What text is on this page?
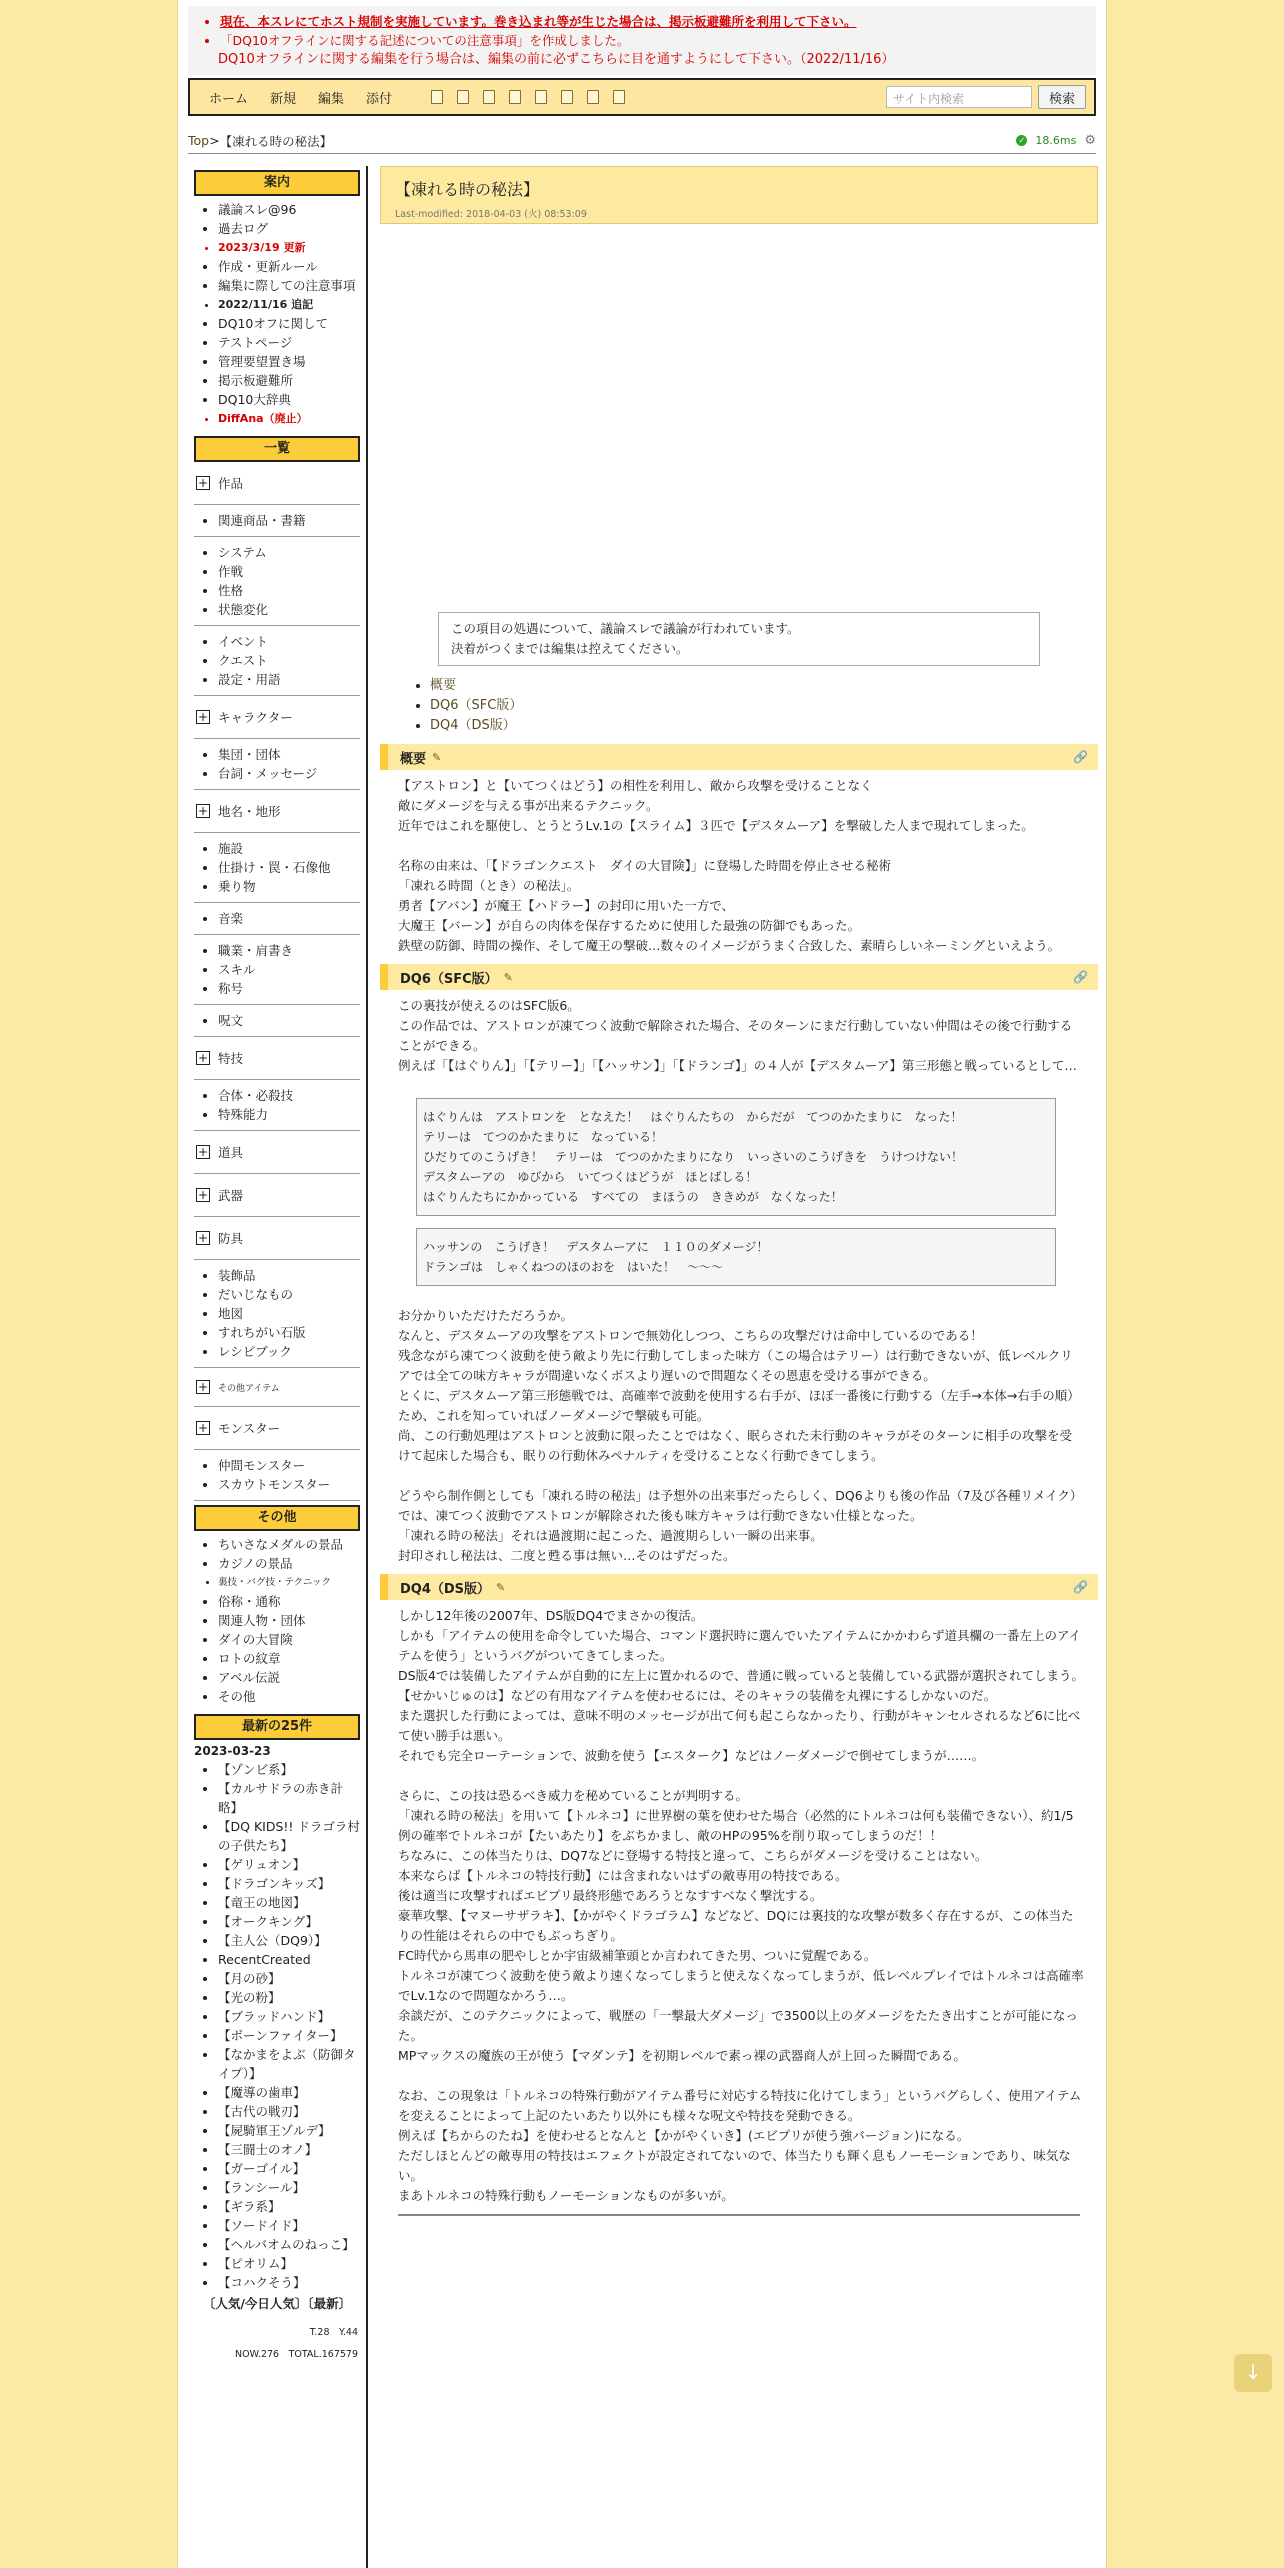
• 現在、本スレにてホスト規制を実施しています。巻き込まれ等が生じた場合は、掲示板避難所を利用して下さい。
• 「DQ10オフラインに関する記述についての注意事項」を作成しました。
DQ10オフラインに関する編集を行う場合は、編集の前に必ずこちらに目を通すようにして下さい。（2022/11/16）
ホーム	新規	編集	添付	サイト内検索	検索
Top > 【凍れる時の秘法】	✓ 18.6ms ⚙
案内
• 議論スレ@96
• 過去ログ
• 2023/3/19 更新
• 作成・更新ルール
• 編集に際しての注意事項
• 2022/11/16 追記
• DQ10オフに関して
• テストページ
• 管理要望置き場
• 掲示板避難所
• DQ10大辞典
• DiffAna（廃止）
一覧
+ 作品
• 関連商品・書籍
• システム
• 作戦
• 性格
• 状態変化
• イベント
• クエスト
• 設定・用語
+ キャラクター
• 集団・団体
• 台詞・メッセージ
+ 地名・地形
• 施設
• 仕掛け・罠・石像他
• 乗り物
• 音楽
• 職業・肩書き
• スキル
• 称号
• 呪文
+ 特技
• 合体・必殺技
• 特殊能力
+ 道具
+ 武器
+ 防具
• 装飾品
• だいじなもの
• 地図
• すれちがい石版
• レシピブック
+ その他アイテム
+ モンスター
• 仲間モンスター
• スカウトモンスター
その他
• ちいさなメダルの景品
• カジノの景品
• 裏技・バグ技・テクニック
• 俗称・通称
• 関連人物・団体
• ダイの大冒険
• ロトの紋章
• アベル伝説
• その他
最新の25件
2023-03-23
• 【ゾンビ系】
• 【カルサドラの赤き計略】
• 【DQ KIDS!! ドラゴラ村の子供たち】
• 【ゲリュオン】
• 【ドラゴンキッズ】
• 【竜王の地図】
• 【オークキング】
• 【主人公（DQ9）】
• RecentCreated
• 【月の砂】
• 【光の粉】
• 【ブラッドハンド】
• 【ボーンファイター】
• 【なかまをよぶ（防御タイプ）】
• 【魔導の歯車】
• 【古代の戦刃】
• 【屍騎軍王ゾルデ】
• 【三闘士のオノ】
• 【ガーゴイル】
• 【ランシール】
• 【ギラ系】
• 【ソードイド】
• 【ヘルバオムのねっこ】
• 【ピオリム】
• 【コハクそう】
〔人気/今日人気〕〔最新〕
T.28　Y.44
NOW.276　TOTAL.167579
【凍れる時の秘法】
Last-modified: 2018-04-03 (火) 08:53:09
この項目の処遇について、議論スレで議論が行われています。
決着がつくまでは編集は控えてください。
• 概要
• DQ6（SFC版）
• DQ4（DS版）
概要 ✎	🔗

【アストロン】と【いてつくはどう】の相性を利用し、敵から攻撃を受けることなく

敵にダメージを与える事が出来るテクニック。

近年ではこれを駆使し、とうとうLv.1の【スライム】３匹で【デスタムーア】を撃破した人まで現れてしまった。

名称の由来は、「【ドラゴンクエスト　ダイの大冒険】」に登場した時間を停止させる秘術

「凍れる時間（とき）の秘法」。

勇者【アバン】が魔王【ハドラー】の封印に用いた一方で、

大魔王【バーン】が自らの肉体を保存するために使用した最強の防御でもあった。

鉄壁の防御、時間の操作、そして魔王の撃破…数々のイメージがうまく合致した、素晴らしいネーミングといえよう。

DQ6（SFC版） ✎	🔗

この裏技が使えるのはSFC版6。

この作品では、アストロンが凍てつく波動で解除された場合、そのターンにまだ行動していない仲間はその後で行動することができる。

例えば「【はぐりん】」「【テリー】」「【ハッサン】」「【ドランゴ】」の４人が【デスタムーア】第三形態と戦っているとして…

はぐりんは　アストロンを　となえた！　はぐりんたちの　からだが　てつのかたまりに　なった！
テリーは　てつのかたまりに　なっている！
ひだりてのこうげき！　テリーは　てつのかたまりになり　いっさいのこうげきを　うけつけない！
デスタムーアの　ゆびから　いてつくはどうが　ほとばしる！
はぐりんたちにかかっている　すべての　まほうの　ききめが　なくなった！
ハッサンの　こうげき！　デスタムーアに　１１０のダメージ！
ドランゴは　しゃくねつのほのおを　はいた！　～～～

お分かりいただけただろうか。

なんと、デスタムーアの攻撃をアストロンで無効化しつつ、こちらの攻撃だけは命中しているのである！

残念ながら凍てつく波動を使う敵より先に行動してしまった味方（この場合はテリー）は行動できないが、低レベルクリアでは全ての味方キャラが間違いなくボスより遅いので問題なくその恩恵を受ける事ができる。

とくに、デスタムーア第三形態戦では、高確率で波動を使用する右手が、ほぼ一番後に行動する（左手→本体→右手の順）ため、これを知っていればノーダメージで撃破も可能。

尚、この行動処理はアストロンと波動に限ったことではなく、眠らされた未行動のキャラがそのターンに相手の攻撃を受けて起床した場合も、眠りの行動休みペナルティを受けることなく行動できてしまう。

どうやら制作側としても「凍れる時の秘法」は予想外の出来事だったらしく、DQ6よりも後の作品（7及び各種リメイク）では、凍てつく波動でアストロンが解除された後も味方キャラは行動できない仕様となった。

「凍れる時の秘法」それは過渡期に起こった、過渡期らしい一瞬の出来事。

封印されし秘法は、二度と甦る事は無い…そのはずだった。

DQ4（DS版） ✎	🔗

しかし12年後の2007年、DS版DQ4でまさかの復活。

しかも「アイテムの使用を命令していた場合、コマンド選択時に選んでいたアイテムにかかわらず道具欄の一番左上のアイテムを使う」というバグがついてきてしまった。

DS版4では装備したアイテムが自動的に左上に置かれるので、普通に戦っていると装備している武器が選択されてしまう。

【せかいじゅのは】などの有用なアイテムを使わせるには、そのキャラの装備を丸裸にするしかないのだ。

また選択した行動によっては、意味不明のメッセージが出て何も起こらなかったり、行動がキャンセルされるなど6に比べて使い勝手は悪い。

それでも完全ローテーションで、波動を使う【エスターク】などはノーダメージで倒せてしまうが……。

さらに、この技は恐るべき威力を秘めていることが判明する。

「凍れる時の秘法」を用いて【トルネコ】に世界樹の葉を使わせた場合（必然的にトルネコは何も装備できない）、約1/5例の確率でトルネコが【たいあたり】をぶちかまし、敵のHPの95%を削り取ってしまうのだ！！

ちなみに、この体当たりは、DQ7などに登場する特技と違って、こちらがダメージを受けることはない。

本来ならば【トルネコの特技行動】には含まれないはずの敵専用の特技である。

後は適当に攻撃すればエビプリ最終形態であろうとなすすべなく撃沈する。

豪華攻撃、【マヌーサザラキ】、【かがやくドラゴラム】などなど、DQには裏技的な攻撃が数多く存在するが、この体当たりの性能はそれらの中でもぶっちぎり。

FC時代から馬車の肥やしとか宇宙級補筆頭とか言われてきた男、ついに覚醒である。

トルネコが凍てつく波動を使う敵より速くなってしまうと使えなくなってしまうが、低レベルプレイではトルネコは高確率でLv.1なので問題なかろう…。

余談だが、このテクニックによって、戦歴の「一撃最大ダメージ」で3500以上のダメージをたたき出すことが可能になった。

MPマックスの魔族の王が使う【マダンテ】を初期レベルで素っ裸の武器商人が上回った瞬間である。

なお、この現象は「トルネコの特殊行動がアイテム番号に対応する特技に化けてしまう」というバグらしく、使用アイテムを変えることによって上記のたいあたり以外にも様々な呪文や特技を発動できる。

例えば【ちからのたね】を使わせるとなんと【かがやくいき】(エビプリが使う強バージョン)になる。

ただしほとんどの敵専用の特技はエフェクトが設定されてないので、体当たりも輝く息もノーモーションであり、味気ない。

まあトルネコの特殊行動もノーモーションなものが多いが。

↓
